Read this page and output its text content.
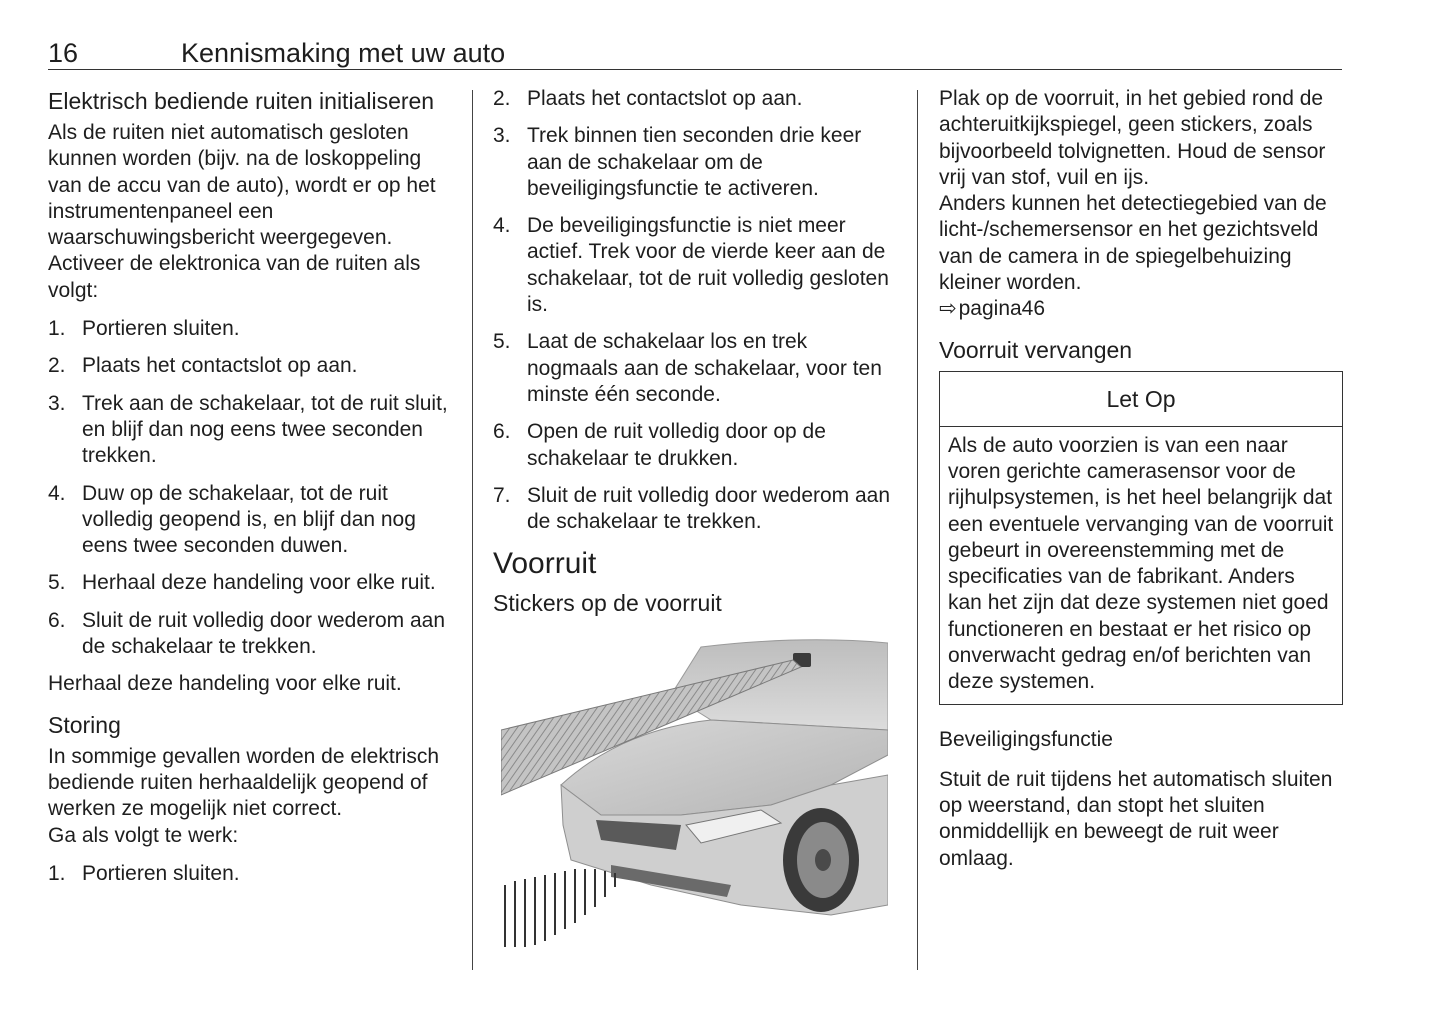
16	Kennismaking met uw auto
Elektrisch bediende ruiten initialiseren

Als de ruiten niet automatisch gesloten kunnen worden (bijv. na de loskoppeling van de accu van de auto), wordt er op het instrumentenpaneel een waarschuwingsbericht weergegeven.

Activeer de elektronica van de ruiten als volgt:

1. Portieren sluiten.
2. Plaats het contactslot op aan.
3. Trek aan de schakelaar, tot de ruit sluit, en blijf dan nog eens twee seconden trekken.
4. Duw op de schakelaar, tot de ruit volledig geopend is, en blijf dan nog eens twee seconden duwen.
5. Herhaal deze handeling voor elke ruit.
6. Sluit de ruit volledig door wederom aan de schakelaar te trekken.

Herhaal deze handeling voor elke ruit.

Storing

In sommige gevallen worden de elektrisch bediende ruiten herhaaldelijk geopend of werken ze mogelijk niet correct.

Ga als volgt te werk:

1. Portieren sluiten.
2. Plaats het contactslot op aan.
3. Trek binnen tien seconden drie keer aan de schakelaar om de beveiligingsfunctie te activeren.
4. De beveiligingsfunctie is niet meer actief. Trek voor de vierde keer aan de schakelaar, tot de ruit volledig gesloten is.
5. Laat de schakelaar los en trek nogmaals aan de schakelaar, voor ten minste één seconde.
6. Open de ruit volledig door op de schakelaar te drukken.
7. Sluit de ruit volledig door wederom aan de schakelaar te trekken.
Voorruit
Stickers op de voorruit

Plak op de voorruit, in het gebied rond de achteruitkijkspiegel, geen stickers, zoals bijvoorbeeld tolvignetten. Houd de sensor vrij van stof, vuil en ijs.

Anders kunnen het detectiegebied van de licht-/schemersensor en het gezichtsveld van de camera in de spiegelbehuizing kleiner worden.

⇨pagina46

Voorruit vervangen
Let Op
Als de auto voorzien is van een naar voren gerichte camerasensor voor de rijhulpsystemen, is het heel belangrijk dat een eventuele vervanging van de voorruit gebeurt in overeenstemming met de specificaties van de fabrikant. Anders kan het zijn dat deze systemen niet goed functioneren en bestaat er het risico op onverwacht gedrag en/of berichten van deze systemen.
Beveiligingsfunctie

Stuit de ruit tijdens het automatisch sluiten op weerstand, dan stopt het sluiten onmiddellijk en beweegt de ruit weer omlaag.
